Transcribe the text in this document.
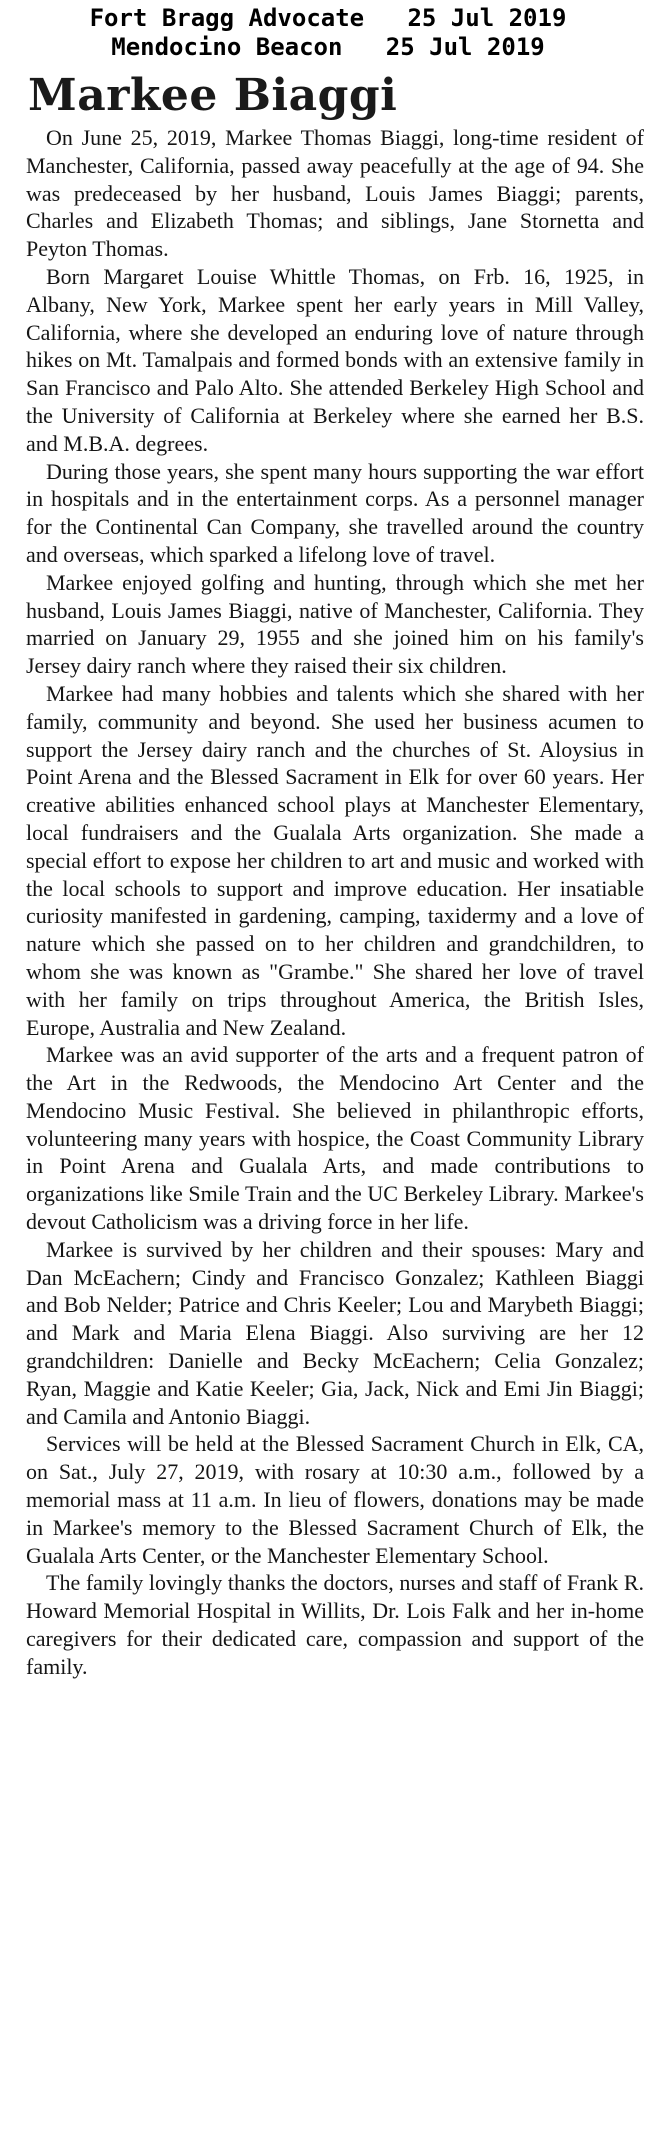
Fort Bragg Advocate   25 Jul 2019
Mendocino Beacon   25 Jul 2019
Markee Biaggi

On June 25, 2019, Markee Thomas Biaggi, long-time resident of Manchester, California, passed away peacefully at the age of 94. She was predeceased by her husband, Louis James Biaggi; parents, Charles and Elizabeth Thomas; and siblings, Jane Stornetta and Peyton Thomas.

Born Margaret Louise Whittle Thomas, on Frb. 16, 1925, in Albany, New York, Markee spent her early years in Mill Valley, California, where she developed an enduring love of nature through hikes on Mt. Tamalpais and formed bonds with an extensive family in San Francisco and Palo Alto. She attended Berkeley High School and the University of California at Berkeley where she earned her B.S. and M.B.A. degrees.

During those years, she spent many hours supporting the war effort in hospitals and in the entertainment corps. As a personnel manager for the Continental Can Company, she travelled around the country and overseas, which sparked a lifelong love of travel.

Markee enjoyed golfing and hunting, through which she met her husband, Louis James Biaggi, native of Manchester, California. They married on January 29, 1955 and she joined him on his family's Jersey dairy ranch where they raised their six children.

Markee had many hobbies and talents which she shared with her family, community and beyond. She used her business acumen to support the Jersey dairy ranch and the churches of St. Aloysius in Point Arena and the Blessed Sacrament in Elk for over 60 years. Her creative abilities enhanced school plays at Manchester Elementary, local fundraisers and the Gualala Arts organization. She made a special effort to expose her children to art and music and worked with the local schools to support and improve education. Her insatiable curiosity manifested in gardening, camping, taxidermy and a love of nature which she passed on to her children and grandchildren, to whom she was known as "Grambe." She shared her love of travel with her family on trips throughout America, the British Isles, Europe, Australia and New Zealand.

Markee was an avid supporter of the arts and a frequent patron of the Art in the Redwoods, the Mendocino Art Center and the Mendocino Music Festival. She believed in philanthropic efforts, volunteering many years with hospice, the Coast Community Library in Point Arena and Gualala Arts, and made contributions to organizations like Smile Train and the UC Berkeley Library. Markee's devout Catholicism was a driving force in her life.

Markee is survived by her children and their spouses: Mary and Dan McEachern; Cindy and Francisco Gonzalez; Kathleen Biaggi and Bob Nelder; Patrice and Chris Keeler; Lou and Marybeth Biaggi; and Mark and Maria Elena Biaggi. Also surviving are her 12 grandchildren: Danielle and Becky McEachern; Celia Gonzalez; Ryan, Maggie and Katie Keeler; Gia, Jack, Nick and Emi Jin Biaggi; and Camila and Antonio Biaggi.

Services will be held at the Blessed Sacrament Church in Elk, CA, on Sat., July 27, 2019, with rosary at 10:30 a.m., followed by a memorial mass at 11 a.m. In lieu of flowers, donations may be made in Markee's memory to the Blessed Sacrament Church of Elk, the Gualala Arts Center, or the Manchester Elementary School.

The family lovingly thanks the doctors, nurses and staff of Frank R. Howard Memorial Hospital in Willits, Dr. Lois Falk and her in-home caregivers for their dedicated care, compassion and support of the family.
